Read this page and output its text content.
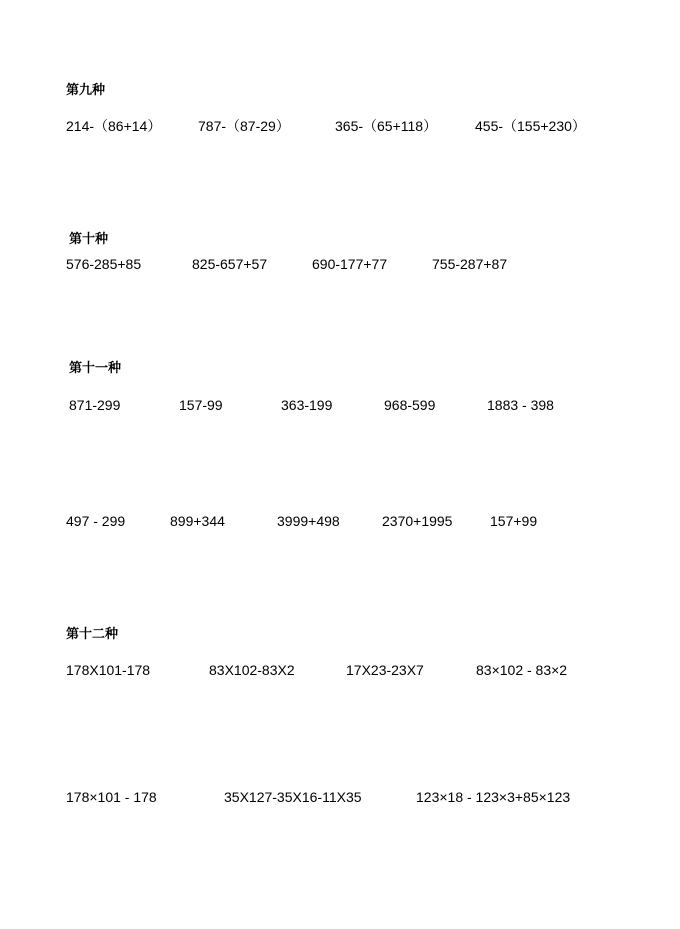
第九种
214-（86+14）	787-（87-29）	365-（65+118）	455-（155+230）
第十种
576-285+85	825-657+57	690-177+77	755-287+87
第十一种
871-299	157-99	363-199	968-599	1883 - 398
497 - 299	899+344	3999+498	2370+1995	157+99
第十二种
178X101-178	83X102-83X2	17X23-23X7	83×102 - 83×2
178×101 - 178	35X127-35X16-11X35	123×18 - 123×3+85×123
